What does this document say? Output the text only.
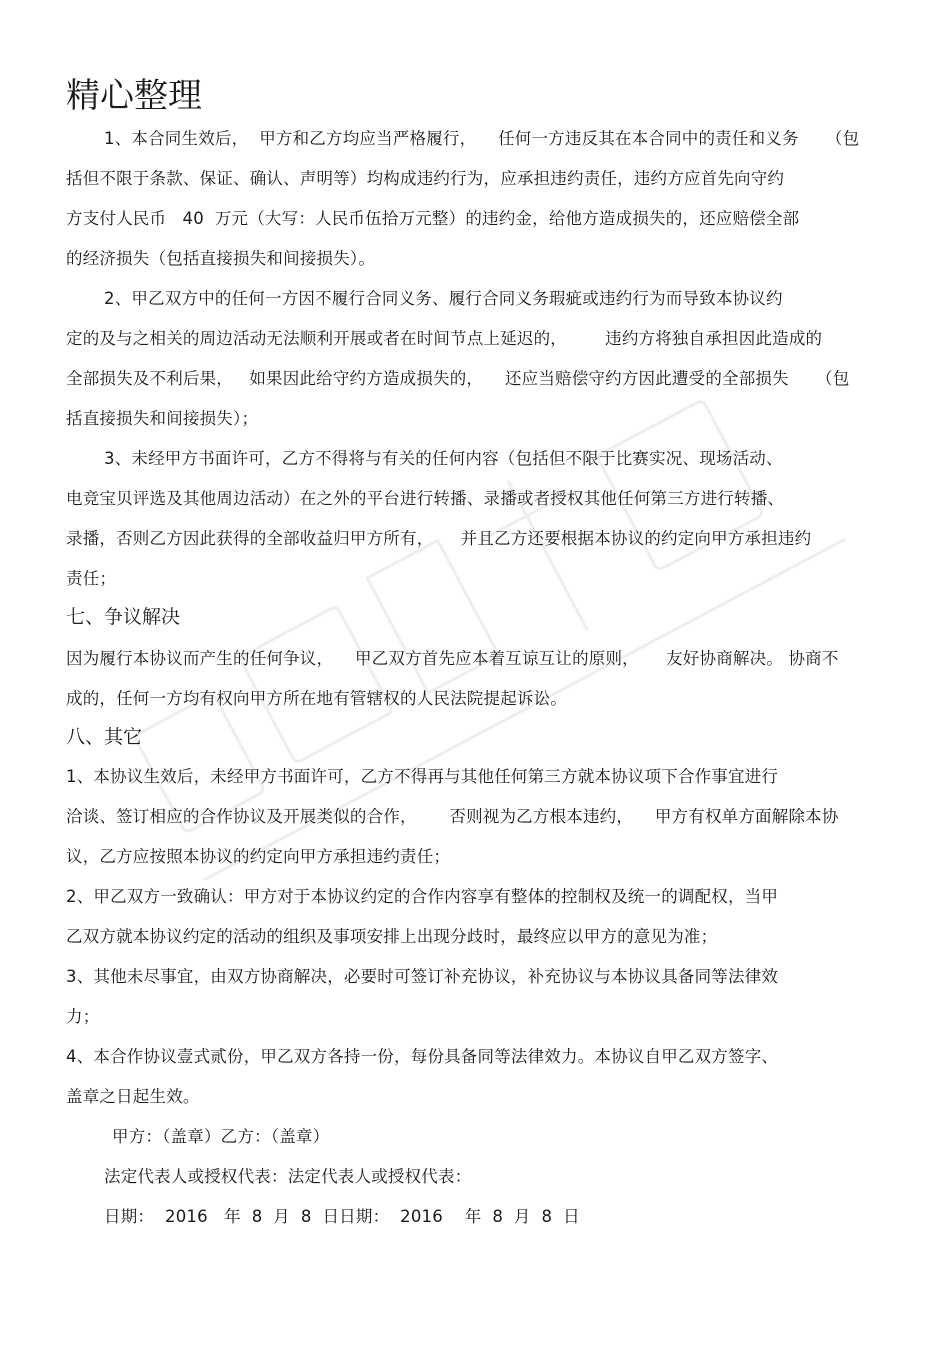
精心整理
1、本合同生效后，  甲方和乙方均应当严格履行，    任何一方违反其在本合同中的责任和义务     （包
括但不限于条款、保证、确认、声明等）均构成违约行为，应承担违约责任，违约方应首先向守约
方支付人民币   40  万元（大写：人民币伍拾万元整）的违约金，给他方造成损失的，还应赔偿全部
的经济损失（包括直接损失和间接损失）。
2、甲乙双方中的任何一方因不履行合同义务、履行合同义务瑕疵或违约行为而导致本协议约
定的及与之相关的周边活动无法顺利开展或者在时间节点上延迟的，       违约方将独自承担因此造成的
全部损失及不利后果，   如果因此给守约方造成损失的，    还应当赔偿守约方因此遭受的全部损失     （包
括直接损失和间接损失）；
3、未经甲方书面许可，乙方不得将与有关的任何内容（包括但不限于比赛实况、现场活动、
电竞宝贝评选及其他周边活动）在之外的平台进行转播、录播或者授权其他任何第三方进行转播、
录播，否则乙方因此获得的全部收益归甲方所有，     并且乙方还要根据本协议的约定向甲方承担违约
责任；
七、争议解决
因为履行本协议而产生的任何争议，    甲乙双方首先应本着互谅互让的原则，     友好协商解决。 协商不
成的，任何一方均有权向甲方所在地有管辖权的人民法院提起诉讼。
八、其它
1、本协议生效后，未经甲方书面许可，乙方不得再与其他任何第三方就本协议项下合作事宜进行
洽谈、签订相应的合作协议及开展类似的合作，      否则视为乙方根本违约，    甲方有权单方面解除本协
议，乙方应按照本协议的约定向甲方承担违约责任；
2、甲乙双方一致确认：甲方对于本协议约定的合作内容享有整体的控制权及统一的调配权，当甲
乙双方就本协议约定的活动的组织及事项安排上出现分歧时，最终应以甲方的意见为准；
3、其他未尽事宜，由双方协商解决，必要时可签订补充协议，补充协议与本协议具备同等法律效
力；
4、本合作协议壹式贰份，甲乙双方各持一份，每份具备同等法律效力。本协议自甲乙双方签字、
盖章之日起生效。
甲方：（盖章）乙方：（盖章）
法定代表人或授权代表：法定代表人或授权代表：
日期：  2016   年  8  月  8  日日期：  2016    年  8  月  8  日
